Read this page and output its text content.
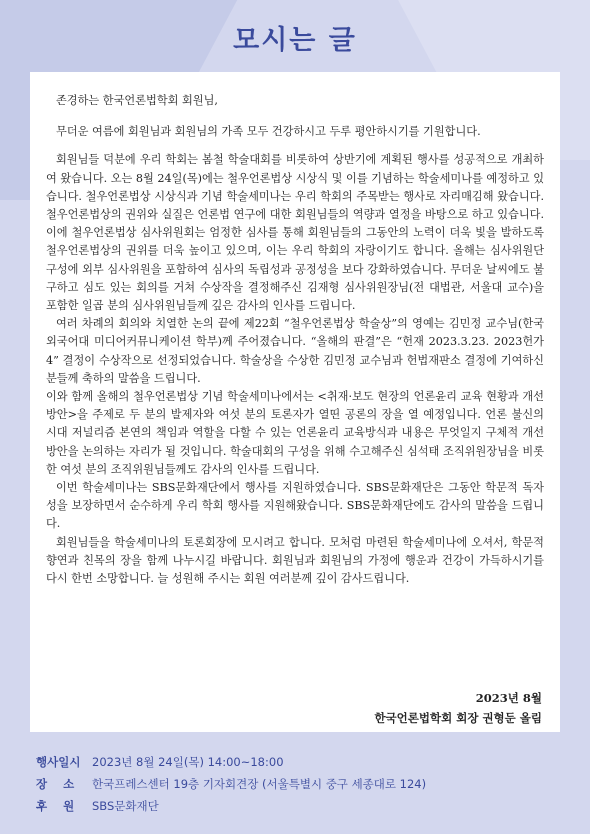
모시는 글

존경하는 한국언론법학회 회원님,

무더운 여름에 회원님과 회원님의 가족 모두 건강하시고 두루 평안하시기를 기원합니다.

회원님들 덕분에 우리 학회는 봄철 학술대회를 비롯하여 상반기에 계획된 행사를 성공적으로 개최하여 왔습니다. 오는 8월 24일(목)에는 철우언론법상 시상식 및 이를 기념하는 학술세미나를 예정하고 있습니다. 철우언론법상 시상식과 기념 학술세미나는 우리 학회의 주목받는 행사로 자리매김해 왔습니다. 철우언론법상의 권위와 실질은 언론법 연구에 대한 회원님들의 역량과 열정을 바탕으로 하고 있습니다. 이에 철우언론법상 심사위원회는 엄정한 심사를 통해 회원님들의 그동안의 노력이 더욱 빛을 발하도록 철우언론법상의 권위를 더욱 높이고 있으며, 이는 우리 학회의 자랑이기도 합니다. 올해는 심사위원단 구성에 외부 심사위원을 포함하여 심사의 독립성과 공정성을 보다 강화하였습니다. 무더운 날씨에도 불구하고 심도 있는 회의를 거쳐 수상작을 결정해주신 김재형 심사위원장님(전 대법관, 서울대 교수)을 포함한 일곱 분의 심사위원님들께 깊은 감사의 인사를 드립니다.

여러 차례의 회의와 치열한 논의 끝에 제22회 “철우언론법상 학술상”의 영예는 김민정 교수님(한국외국어대 미디어커뮤니케이션 학부)께 주어졌습니다. “올해의 판결”은 “헌재 2023.3.23. 2023헌가4” 결정이 수상작으로 선정되었습니다. 학술상을 수상한 김민정 교수님과 헌법재판소 결정에 기여하신 분들께 축하의 말씀을 드립니다.

이와 함께 올해의 철우언론법상 기념 학술세미나에서는 <취재·보도 현장의 언론윤리 교육 현황과 개선방안>을 주제로 두 분의 발제자와 여섯 분의 토론자가 열띤 공론의 장을 열 예정입니다. 언론 불신의 시대 저널리즘 본연의 책임과 역할을 다할 수 있는 언론윤리 교육방식과 내용은 무엇일지 구체적 개선방안을 논의하는 자리가 될 것입니다. 학술대회의 구성을 위해 수고해주신 심석태 조직위원장님을 비롯한 여섯 분의 조직위원님들께도 감사의 인사를 드립니다.

이번 학술세미나는 SBS문화재단에서 행사를 지원하였습니다. SBS문화재단은 그동안 학문적 독자성을 보장하면서 순수하게 우리 학회 행사를 지원해왔습니다. SBS문화재단에도 감사의 말씀을 드립니다.

회원님들을 학술세미나의 토론회장에 모시려고 합니다. 모처럼 마련된 학술세미나에 오셔서, 학문적 향연과 친목의 장을 함께 나누시길 바랍니다. 회원님과 회원님의 가정에 행운과 건강이 가득하시기를 다시 한번 소망합니다. 늘 성원해 주시는 회원 여러분께 깊이 감사드립니다.

2023년 8월
한국언론법학회 회장 권형둔 올림
행사일시	2023년 8월 24일(목) 14:00~18:00
장    소	한국프레스센터 19층 기자회견장 (서울특별시 중구 세종대로 124)
후    원	SBS문화재단
